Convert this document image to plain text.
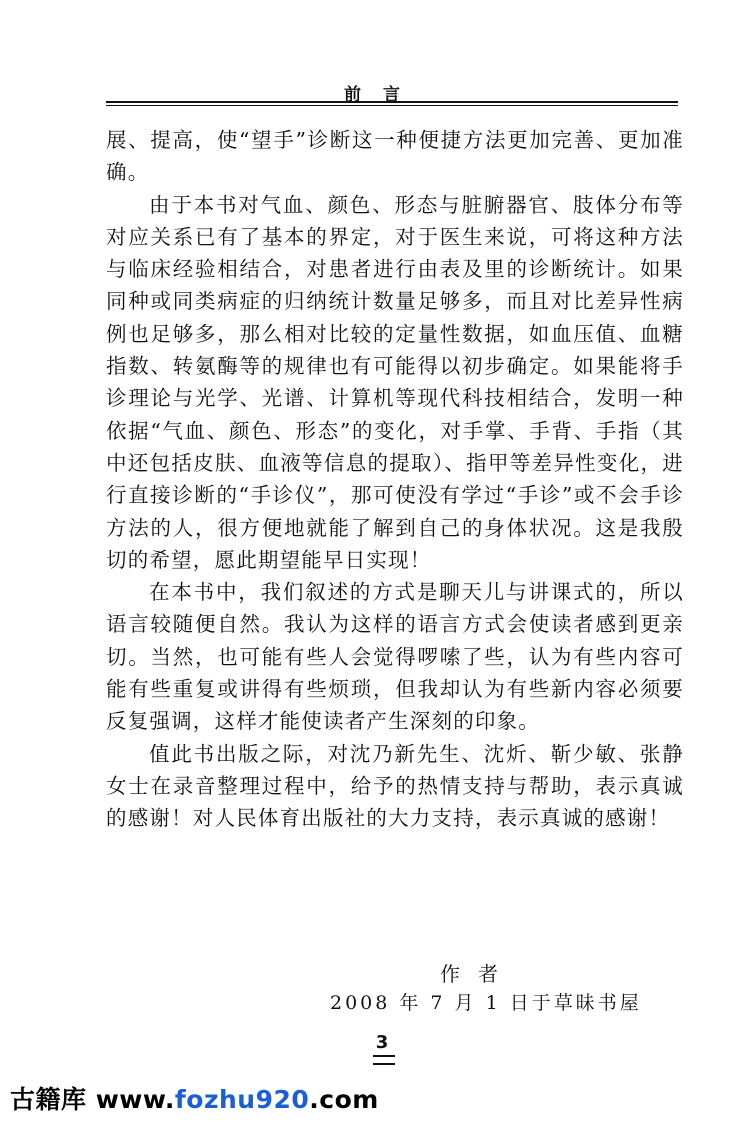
前言

展、提高，使“望手”诊断这一种便捷方法更加完善、更加准确。

由于本书对气血、颜色、形态与脏腑器官、肢体分布等对应关系已有了基本的界定，对于医生来说，可将这种方法与临床经验相结合，对患者进行由表及里的诊断统计。如果同种或同类病症的归纳统计数量足够多，而且对比差异性病例也足够多，那么相对比较的定量性数据，如血压值、血糖指数、转氨酶等的规律也有可能得以初步确定。如果能将手诊理论与光学、光谱、计算机等现代科技相结合，发明一种依据“气血、颜色、形态”的变化，对手掌、手背、手指（其中还包括皮肤、血液等信息的提取）、指甲等差异性变化，进行直接诊断的“手诊仪”，那可使没有学过“手诊”或不会手诊方法的人，很方便地就能了解到自己的身体状况。这是我殷切的希望，愿此期望能早日实现！

在本书中，我们叙述的方式是聊天儿与讲课式的，所以语言较随便自然。我认为这样的语言方式会使读者感到更亲切。当然，也可能有些人会觉得啰嗦了些，认为有些内容可能有些重复或讲得有些烦琐，但我却认为有些新内容必须要反复强调，这样才能使读者产生深刻的印象。

值此书出版之际，对沈乃新先生、沈炘、靳少敏、张静女士在录音整理过程中，给予的热情支持与帮助，表示真诚的感谢！对人民体育出版社的大力支持，表示真诚的感谢！

作者
2008 年 7 月 1 日于草昧书屋
3
古籍库 www.fozhu920.com
